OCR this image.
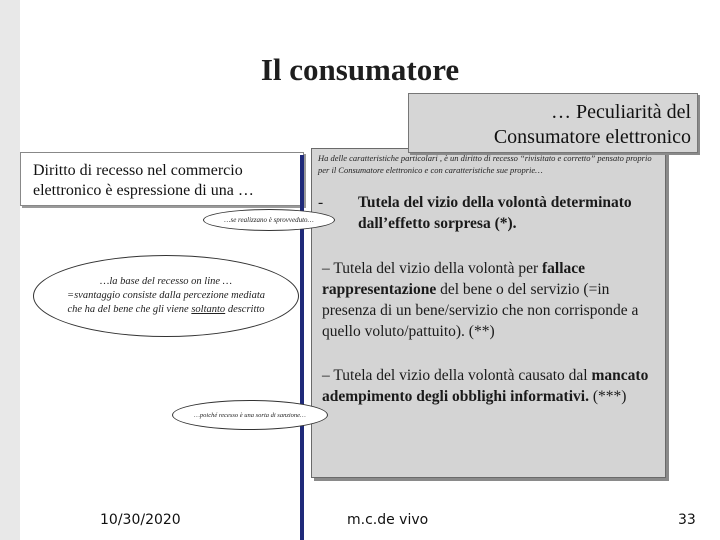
Il consumatore
… Peculiarità del
Consumatore elettronico
Diritto di recesso nel commercio elettronico è espressione di una …
Ha delle caratteristiche particolari , è un diritto di recesso “rivisitato e corretto” pensato proprio per il Consumatore elettronico e con caratteristiche sue proprie…
- Tutela del vizio della volontà determinato dall’effetto sorpresa (*).
– Tutela del vizio della volontà per fallace rappresentazione del bene o del servizio (=in presenza di un bene/servizio che non corrisponde a quello voluto/pattuito). (**)
– Tutela del vizio della volontà causato dal mancato adempimento degli obblighi informativi. (***)
…se realizzano è sprovveduto…
…la base del recesso on line …
=svantaggio consiste dalla percezione mediata
che ha del bene che gli viene soltanto descritto
…poiché recesso è una sorta di sanzione…
10/30/2020	m.c.de vivo	33
